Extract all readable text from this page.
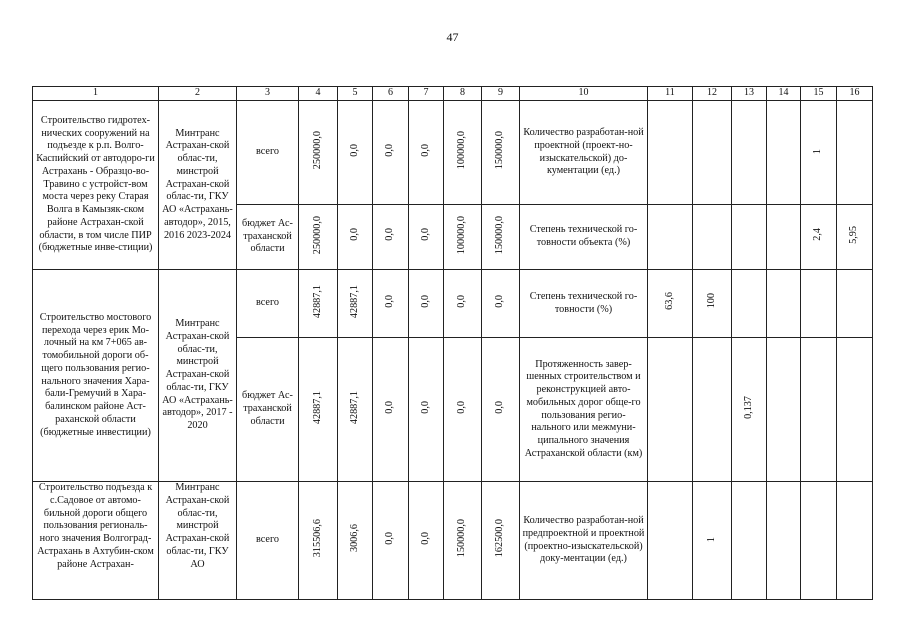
47
1	2	3	4	5	6	7	8	9	10	11	12	13	14	15	16
Строительство гидротех-нических сооружений на подъезде к р.п. Волго-Каспийский от автодоро-ги Астрахань - Образцо-во-Травино с устройст-вом моста через реку Старая Волга в Камызяк-ском районе Астрахан-ской области, в том числе ПИР (бюджетные инве-стиции)	Минтранс Астрахан-ской облас-ти, минстрой Астрахан-ской облас-ти, ГКУ АО «Астрахань-автодор», 2015, 2016 2023-2024	всего	250000,0	0,0	0,0	0,0	100000,0	150000,0	Количество разработан-ной проектной (проект-но-изыскательской) до-кументации (ед.)					1	
		бюджет Ас-траханской области	250000,0	0,0	0,0	0,0	100000,0	150000,0	Степень технической го-товности объекта (%)					2,4	5,95
Строительство мостового перехода через ерик Мо-лочный на км 7+065 ав-томобильной дороги об-щего пользования регио-нального значения Хара-бали-Гремучий в Хара-балинском районе Аст-раханской области (бюджетные инвестиции)	Минтранс Астрахан-ской облас-ти, минстрой Астрахан-ской облас-ти, ГКУ АО «Астрахань-автодор», 2017 - 2020	всего	42887,1	42887,1	0,0	0,0	0,0	0,0	Степень технической го-товности (%)	63,6	100				
		бюджет Ас-траханской области	42887,1	42887,1	0,0	0,0	0,0	0,0	Протяженность завер-шенных строительством и реконструкцией авто-мобильных дорог обще-го пользования регио-нального или межмуни-ципального значения Астраханской области (км)			0,137			
Строительство подъезда к с.Садовое от автомо-бильной дороги общего пользования региональ-ного значения Волгоград-Астрахань в Ахтубин-ском районе Астрахан-	Минтранс Астрахан-ской облас-ти, минстрой Астрахан-ской облас-ти, ГКУ АО	всего	315506,6	3006,6	0,0	0,0	150000,0	162500,0	Количество разработан-ной предпроектной и проектной (проектно-изыскательской) доку-ментации (ед.)		1				
